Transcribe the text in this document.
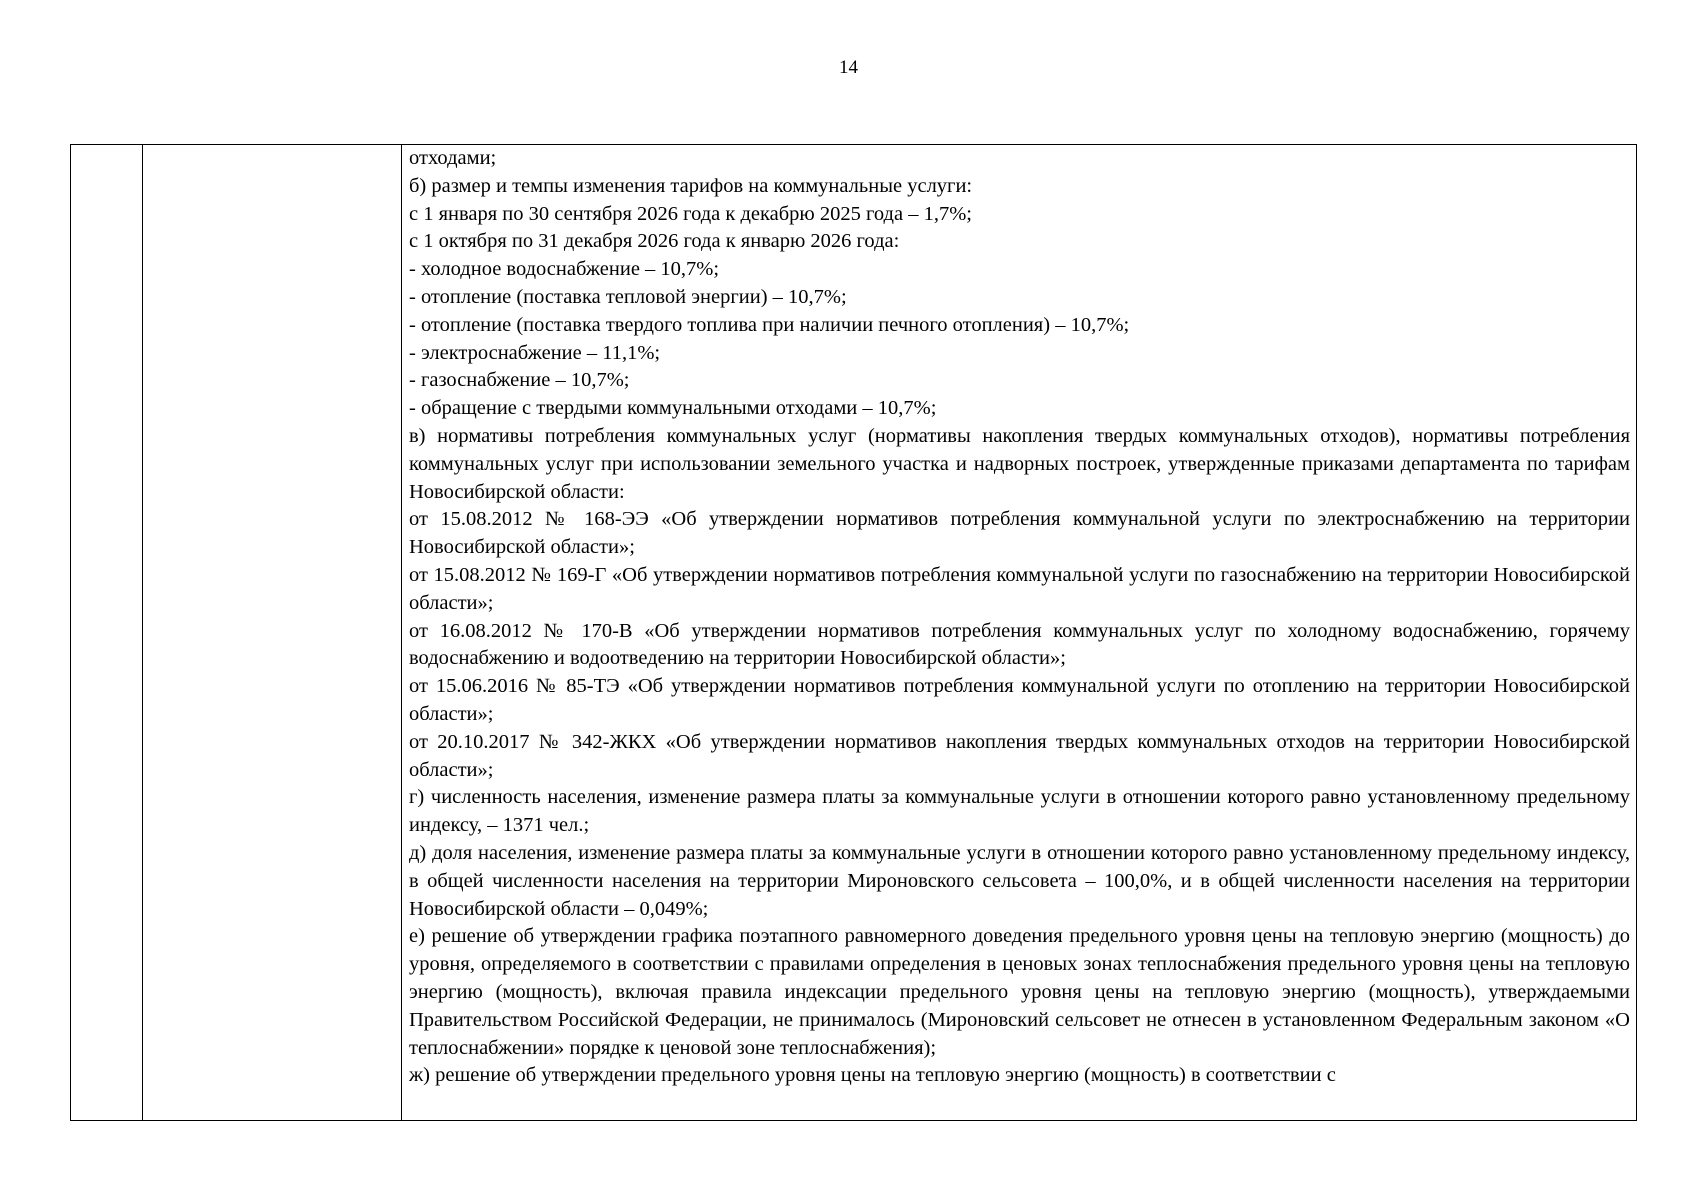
14

отходами;

б) размер и темпы изменения тарифов на коммунальные услуги:

с 1 января по 30 сентября 2026 года к декабрю 2025 года – 1,7%;

с 1 октября по 31 декабря 2026 года к январю 2026 года:

- холодное водоснабжение – 10,7%;

- отопление (поставка тепловой энергии) – 10,7%;

- отопление (поставка твердого топлива при наличии печного отопления) – 10,7%;

- электроснабжение – 11,1%;

- газоснабжение – 10,7%;

- обращение с твердыми коммунальными отходами – 10,7%;

в) нормативы потребления коммунальных услуг (нормативы накопления твердых коммунальных отходов), нормативы потребления коммунальных услуг при использовании земельного участка и надворных построек, утвержденные приказами департамента по тарифам Новосибирской области:

от 15.08.2012 № 168-ЭЭ «Об утверждении нормативов потребления коммунальной услуги по электроснабжению на территории Новосибирской области»;

от 15.08.2012 № 169-Г «Об утверждении нормативов потребления коммунальной услуги по газоснабжению на территории Новосибирской области»;

от 16.08.2012 № 170-В «Об утверждении нормативов потребления коммунальных услуг по холодному водоснабжению, горячему водоснабжению и водоотведению на территории Новосибирской области»;

от 15.06.2016 № 85-ТЭ «Об утверждении нормативов потребления коммунальной услуги по отоплению на территории Новосибирской области»;

от 20.10.2017 № 342-ЖКХ «Об утверждении нормативов накопления твердых коммунальных отходов на территории Новосибирской области»;

г) численность населения, изменение размера платы за коммунальные услуги в отношении которого равно установленному предельному индексу, – 1371 чел.;

д) доля населения, изменение размера платы за коммунальные услуги в отношении которого равно установленному предельному индексу, в общей численности населения на территории Мироновского сельсовета – 100,0%, и в общей численности населения на территории Новосибирской области – 0,049%;

е) решение об утверждении графика поэтапного равномерного доведения предельного уровня цены на тепловую энергию (мощность) до уровня, определяемого в соответствии с правилами определения в ценовых зонах теплоснабжения предельного уровня цены на тепловую энергию (мощность), включая правила индексации предельного уровня цены на тепловую энергию (мощность), утверждаемыми Правительством Российской Федерации, не принималось (Мироновский сельсовет не отнесен в установленном Федеральным законом «О теплоснабжении» порядке к ценовой зоне теплоснабжения);

ж) решение об утверждении предельного уровня цены на тепловую энергию (мощность) в соответствии с
